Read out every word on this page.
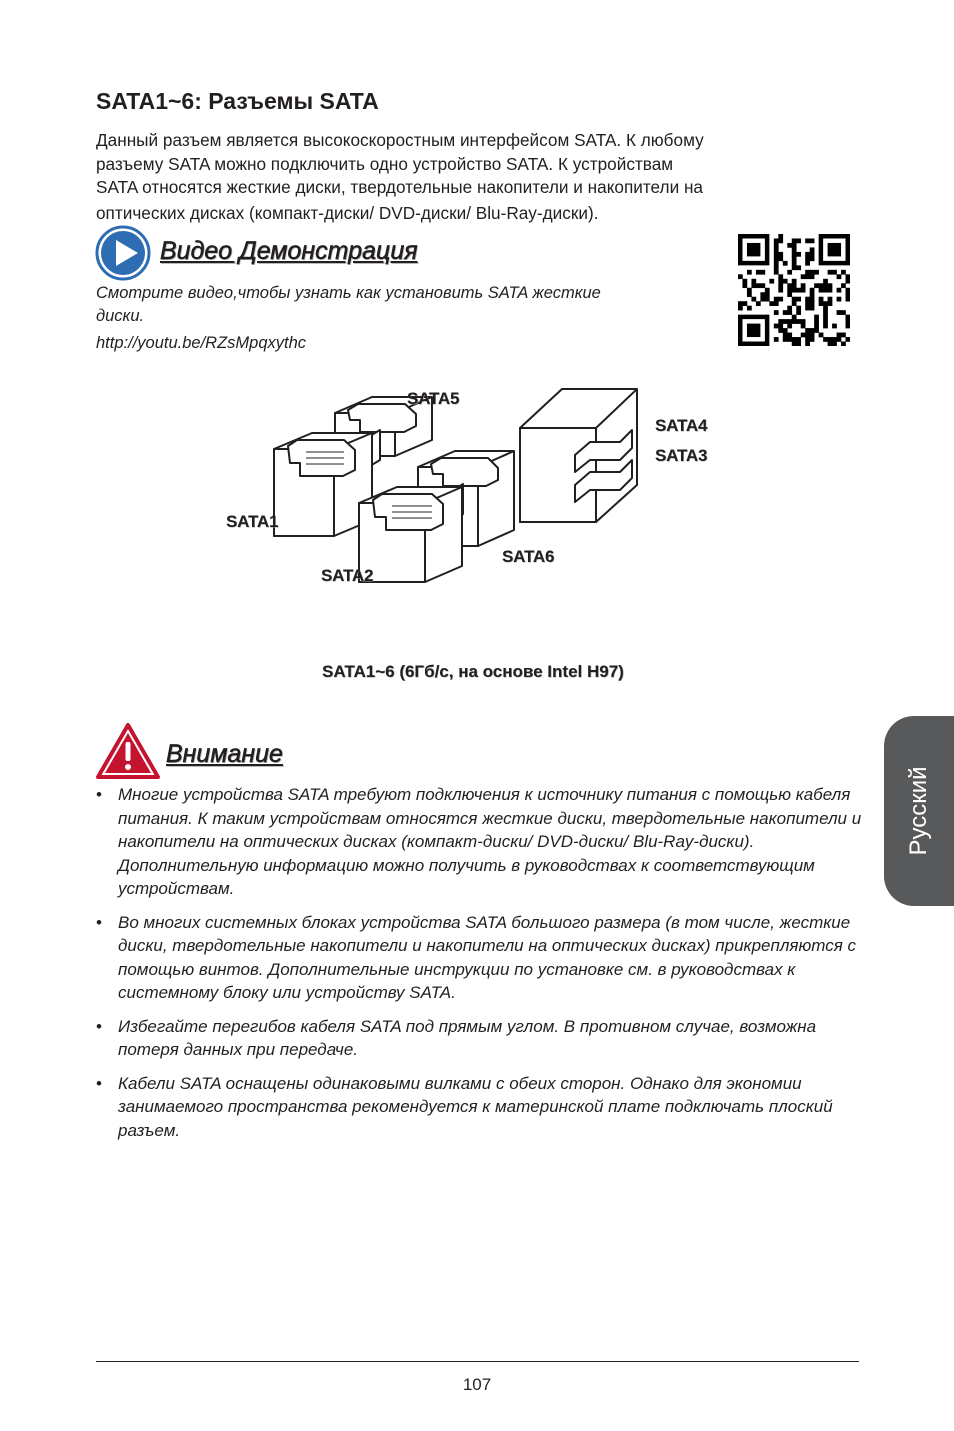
SATA1~6: Разъемы SATA
Данный разъем является высокоскоростным интерфейсом SATA. К любому
разъему SATA можно подключить одно устройство SATA. К устройствам
SATA относятся жесткие диски, твердотельные накопители и накопители на
оптических дисках (компакт-диски/ DVD-диски/ Blu-Ray-диски).
Видео Демонстрация
Смотрите видео,чтобы узнать как установить SATA жесткие
диски.
http://youtu.be/RZsMpqxythc
SATA5
SATA4
SATA3
SATA1
SATA6
SATA2
SATA1~6 (6Гб/с, на основе Intel H97)
Внимание
• Многие устройства SATA требуют подключения к источнику питания с помощью кабеля питания. К таким устройствам относятся жесткие диски, твердотельные накопители и накопители на оптических дисках (компакт-диски/ DVD-диски/ Blu-Ray-диски). Дополнительную информацию можно получить в руководствах к соответствующим устройствам.
• Во многих системных блоках устройства SATA большого размера (в том числе, жесткие диски, твердотельные накопители и накопители на оптических дисках) прикрепляются с помощью винтов. Дополнительные инструкции по установке см. в руководствах к системному блоку или устройству SATA.
• Избегайте перегибов кабеля SATA под прямым углом. В противном случае, возможна потеря данных при передаче.
• Кабели SATA оснащены одинаковыми вилками с обеих сторон. Однако для экономии занимаемого пространства рекомендуется к материнской плате подключать плоский разъем.
Русский
107
